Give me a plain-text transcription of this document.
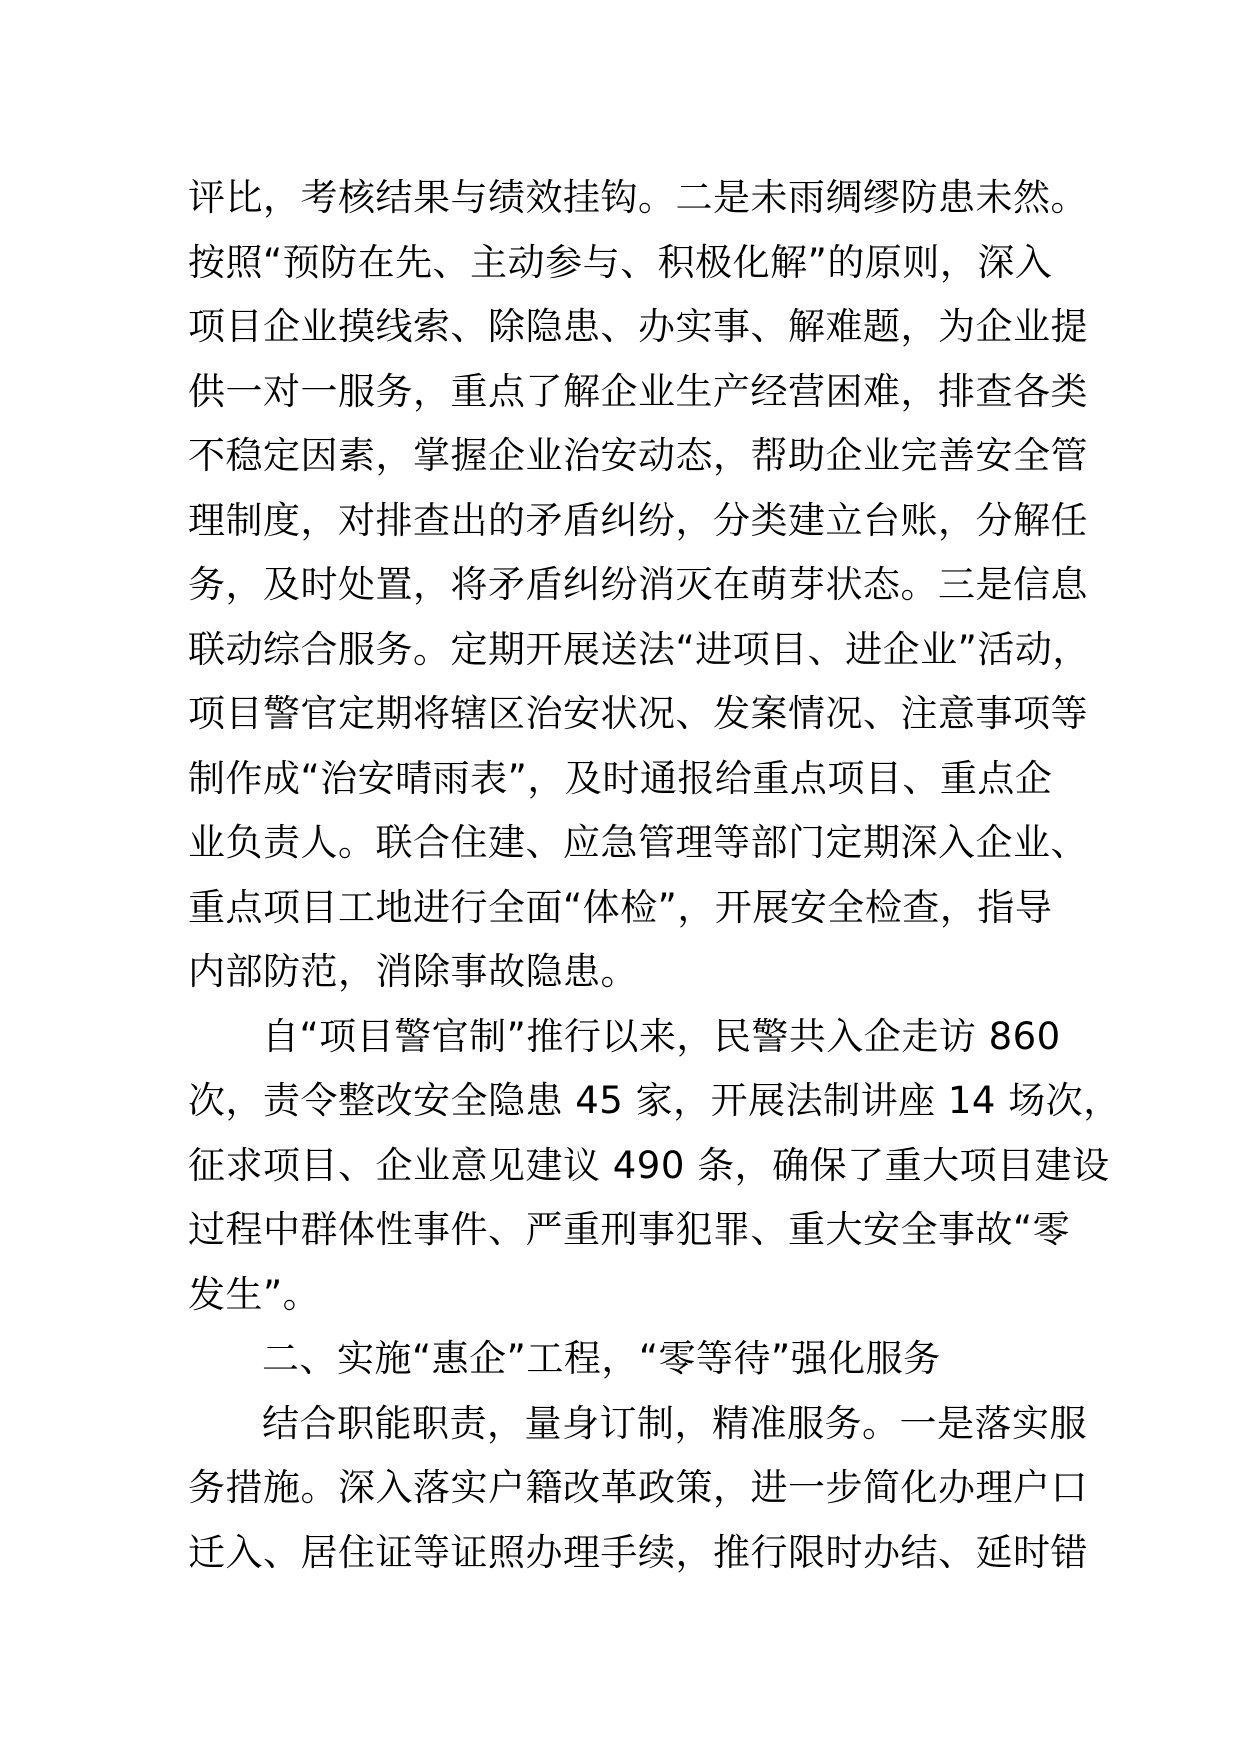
评比，考核结果与绩效挂钩。二是未雨绸缪防患未然。

按照“预防在先、主动参与、积极化解”的原则，深入

项目企业摸线索、除隐患、办实事、解难题，为企业提

供一对一服务，重点了解企业生产经营困难，排查各类

不稳定因素，掌握企业治安动态，帮助企业完善安全管

理制度，对排查出的矛盾纠纷，分类建立台账，分解任

务，及时处置，将矛盾纠纷消灭在萌芽状态。三是信息

联动综合服务。定期开展送法“进项目、进企业”活动，

项目警官定期将辖区治安状况、发案情况、注意事项等

制作成“治安晴雨表”，及时通报给重点项目、重点企

业负责人。联合住建、应急管理等部门定期深入企业、

重点项目工地进行全面“体检”，开展安全检查，指导

内部防范，消除事故隐患。

自“项目警官制”推行以来，民警共入企走访 860

次，责令整改安全隐患 45 家，开展法制讲座 14 场次，

征求项目、企业意见建议 490 条，确保了重大项目建设

过程中群体性事件、严重刑事犯罪、重大安全事故“零

发生”。

二、实施“惠企”工程，“零等待”强化服务

结合职能职责，量身订制，精准服务。一是落实服

务措施。深入落实户籍改革政策，进一步简化办理户口

迁入、居住证等证照办理手续，推行限时办结、延时错
